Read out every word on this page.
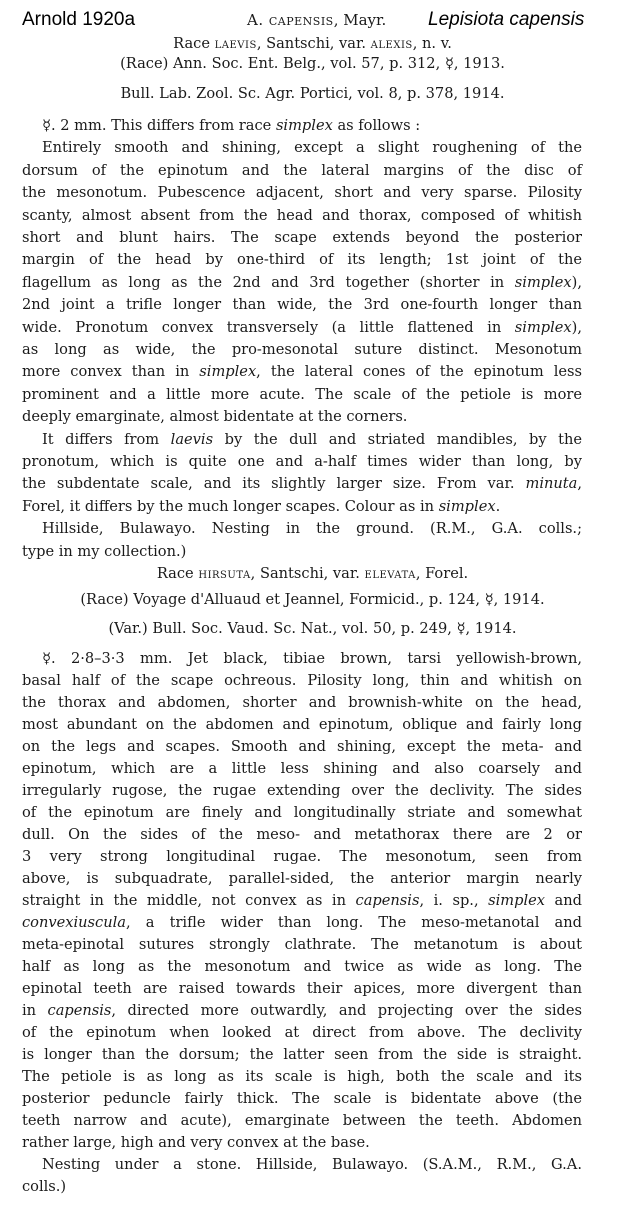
Arnold 1920a	A. capensis, Mayr. Lepisiota capensis
Race laevis, Santschi, var. alexis, n. v.
(Race) Ann. Soc. Ent. Belg., vol. 57, p. 312, ☿, 1913.
Bull. Lab. Zool. Sc. Agr. Portici, vol. 8, p. 378, 1914.
☿. 2 mm. This differs from race simplex as follows :
Entirely smooth and shining, except a slight roughening of the
dorsum of the epinotum and the lateral margins of the disc of
the mesonotum. Pubescence adjacent, short and very sparse. Pilosity
scanty, almost absent from the head and thorax, composed of whitish
short and blunt hairs. The scape extends beyond the posterior
margin of the head by one-third of its length; 1st joint of the
flagellum as long as the 2nd and 3rd together (shorter in simplex),
2nd joint a trifle longer than wide, the 3rd one-fourth longer than
wide. Pronotum convex transversely (a little flattened in simplex),
as long as wide, the pro-mesonotal suture distinct. Mesonotum
more convex than in simplex, the lateral cones of the epinotum less
prominent and a little more acute. The scale of the petiole is more
deeply emarginate, almost bidentate at the corners.
It differs from laevis by the dull and striated mandibles, by the
pronotum, which is quite one and a-half times wider than long, by
the subdentate scale, and its slightly larger size. From var. minuta,
Forel, it differs by the much longer scapes. Colour as in simplex.
Hillside, Bulawayo. Nesting in the ground. (R.M., G.A. colls.;
type in my collection.)
Race hirsuta, Santschi, var. elevata, Forel.
(Race) Voyage d'Alluaud et Jeannel, Formicid., p. 124, ☿, 1914.
(Var.) Bull. Soc. Vaud. Sc. Nat., vol. 50, p. 249, ☿, 1914.
☿. 2·8–3·3 mm. Jet black, tibiae brown, tarsi yellowish-brown,
basal half of the scape ochreous. Pilosity long, thin and whitish on
the thorax and abdomen, shorter and brownish-white on the head,
most abundant on the abdomen and epinotum, oblique and fairly long
on the legs and scapes. Smooth and shining, except the meta- and
epinotum, which are a little less shining and also coarsely and
irregularly rugose, the rugae extending over the declivity. The sides
of the epinotum are finely and longitudinally striate and somewhat
dull. On the sides of the meso- and metathorax there are 2 or
3 very strong longitudinal rugae. The mesonotum, seen from
above, is subquadrate, parallel-sided, the anterior margin nearly
straight in the middle, not convex as in capensis, i. sp., simplex and
convexiuscula, a trifle wider than long. The meso-metanotal and
meta-epinotal sutures strongly clathrate. The metanotum is about
half as long as the mesonotum and twice as wide as long. The
epinotal teeth are raised towards their apices, more divergent than
in capensis, directed more outwardly, and projecting over the sides
of the epinotum when looked at direct from above. The declivity
is longer than the dorsum; the latter seen from the side is straight.
The petiole is as long as its scale is high, both the scale and its
posterior peduncle fairly thick. The scale is bidentate above (the
teeth narrow and acute), emarginate between the teeth. Abdomen
rather large, high and very convex at the base.
Nesting under a stone. Hillside, Bulawayo. (S.A.M., R.M., G.A.
colls.)
